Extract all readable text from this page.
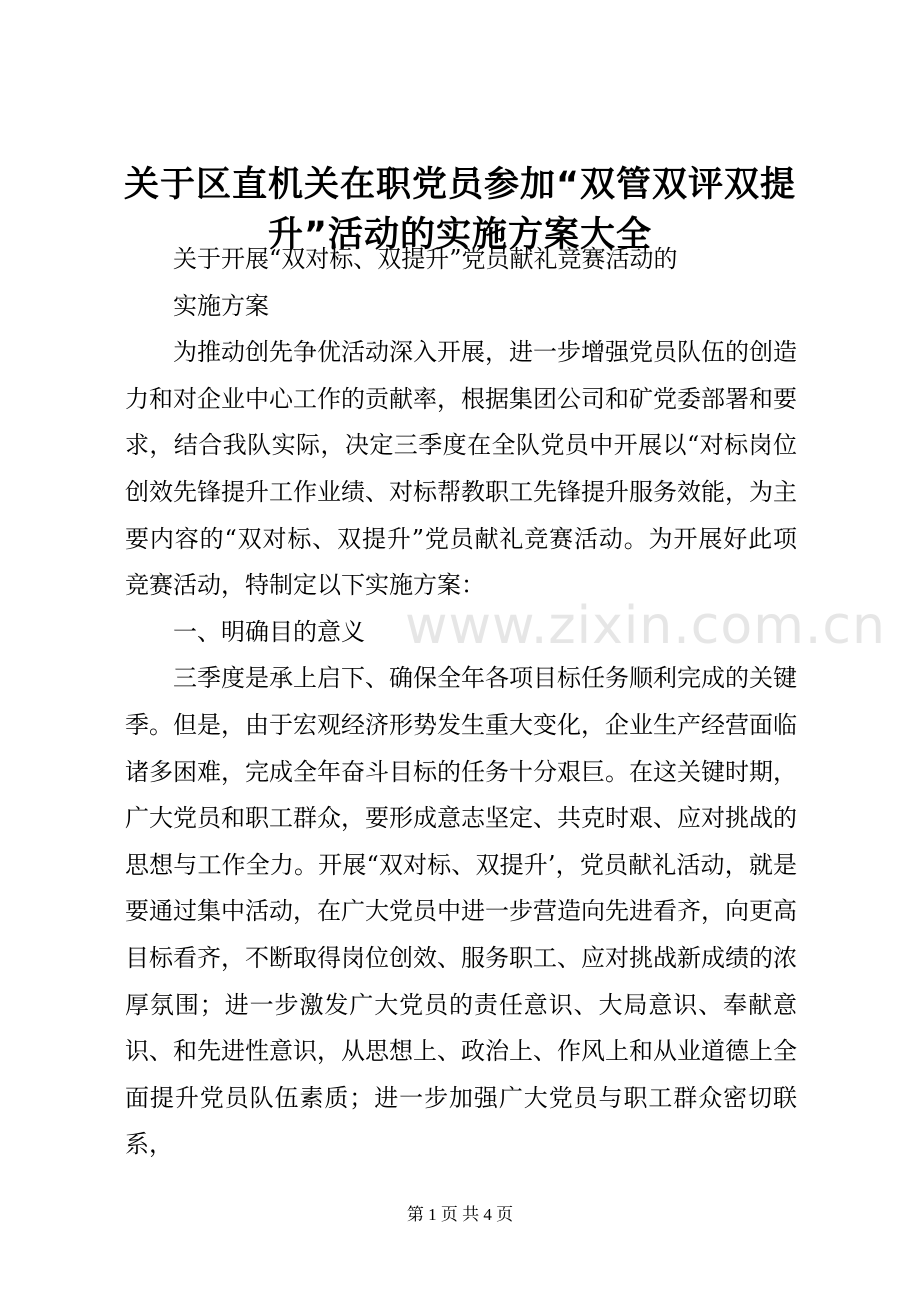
关于区直机关在职党员参加“双管双评双提升”活动的实施方案大全

关于开展“双对标、双提升”党员献礼竞赛活动的

实施方案

为推动创先争优活动深入开展，进一步增强党员队伍的创造力和对企业中心工作的贡献率，根据集团公司和矿党委部署和要求，结合我队实际，决定三季度在全队党员中开展以“对标岗位创效先锋提升工作业绩、对标帮教职工先锋提升服务效能，为主要内容的“双对标、双提升”党员献礼竞赛活动。为开展好此项竞赛活动，特制定以下实施方案：

一、明确目的意义

三季度是承上启下、确保全年各项目标任务顺利完成的关键季。但是，由于宏观经济形势发生重大变化，企业生产经营面临诸多困难，完成全年奋斗目标的任务十分艰巨。在这关键时期，广大党员和职工群众，要形成意志坚定、共克时艰、应对挑战的思想与工作全力。开展“双对标、双提升’，党员献礼活动，就是要通过集中活动，在广大党员中进一步营造向先进看齐，向更高目标看齐，不断取得岗位创效、服务职工、应对挑战新成绩的浓厚氛围；进一步激发广大党员的责任意识、大局意识、奉献意识、和先进性意识，从思想上、政治上、作风上和从业道德上全面提升党员队伍素质；进一步加强广大党员与职工群众密切联系，

www.zixin.com.cn
第 1 页 共 4 页
